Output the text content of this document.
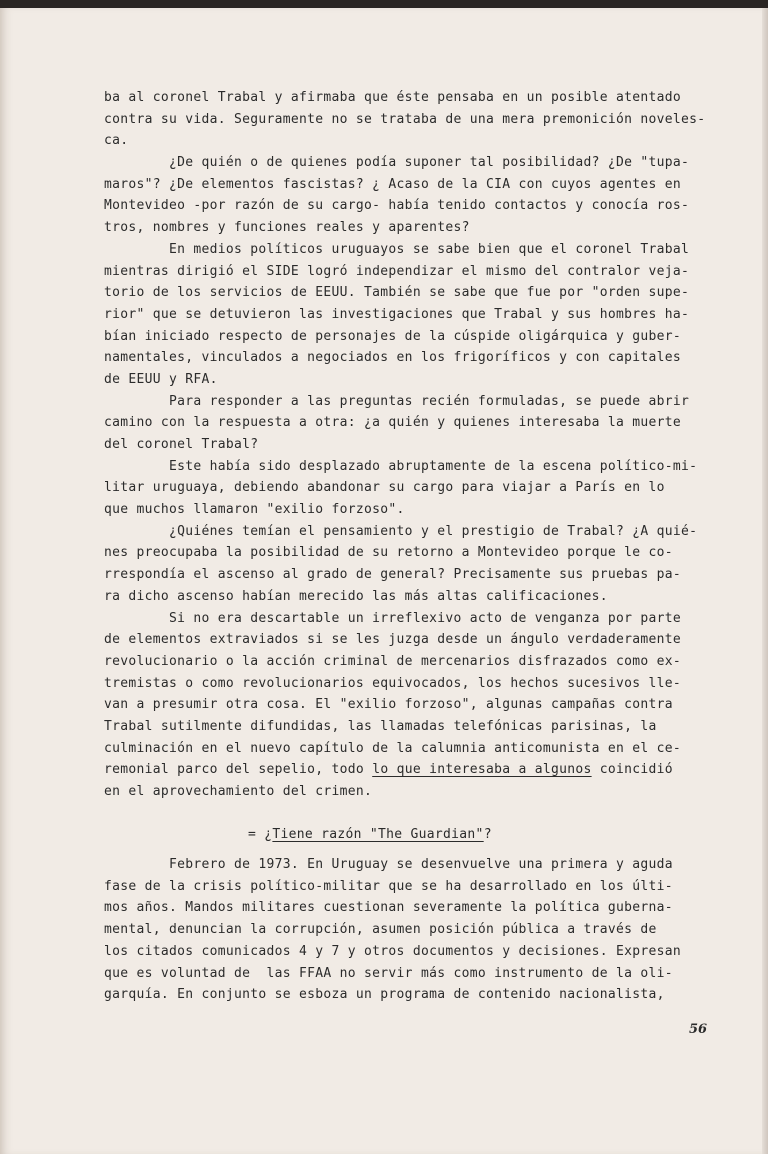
ba al coronel Trabal y afirmaba que éste pensaba en un posible atentado
contra su vida. Seguramente no se trataba de una mera premonición noveles-
ca.
¿De quién o de quienes podía suponer tal posibilidad? ¿De "tupa-
maros"? ¿De elementos fascistas? ¿ Acaso de la CIA con cuyos agentes en
Montevideo -por razón de su cargo- había tenido contactos y conocía ros-
tros, nombres y funciones reales y aparentes?
En medios políticos uruguayos se sabe bien que el coronel Trabal
mientras dirigió el SIDE logró independizar el mismo del contralor veja-
torio de los servicios de EEUU. También se sabe que fue por "orden supe-
rior" que se detuvieron las investigaciones que Trabal y sus hombres ha-
bían iniciado respecto de personajes de la cúspide oligárquica y guber-
namentales, vinculados a negociados en los frigoríficos y con capitales
de EEUU y RFA.
Para responder a las preguntas recién formuladas, se puede abrir
camino con la respuesta a otra: ¿a quién y quienes interesaba la muerte
del coronel Trabal?
Este había sido desplazado abruptamente de la escena político-mi-
litar uruguaya, debiendo abandonar su cargo para viajar a París en lo
que muchos llamaron "exilio forzoso".
¿Quiénes temían el pensamiento y el prestigio de Trabal? ¿A quié-
nes preocupaba la posibilidad de su retorno a Montevideo porque le co-
rrespondía el ascenso al grado de general? Precisamente sus pruebas pa-
ra dicho ascenso habían merecido las más altas calificaciones.
Si no era descartable un irreflexivo acto de venganza por parte
de elementos extraviados si se les juzga desde un ángulo verdaderamente
revolucionario o la acción criminal de mercenarios disfrazados como ex-
tremistas o como revolucionarios equivocados, los hechos sucesivos lle-
van a presumir otra cosa. El "exilio forzoso", algunas campañas contra
Trabal sutilmente difundidas, las llamadas telefónicas parisinas, la
culminación en el nuevo capítulo de la calumnia anticomunista en el ce-
remonial parco del sepelio, todo lo que interesaba a algunos coincidió
en el aprovechamiento del crimen.
= ¿Tiene razón "The Guardian"?
Febrero de 1973. En Uruguay se desenvuelve una primera y aguda
fase de la crisis político-militar que se ha desarrollado en los últi-
mos años. Mandos militares cuestionan severamente la política guberna-
mental, denuncian la corrupción, asumen posición pública a través de
los citados comunicados 4 y 7 y otros documentos y decisiones. Expresan
que es voluntad de  las FFAA no servir más como instrumento de la oli-
garquía. En conjunto se esboza un programa de contenido nacionalista,
56
